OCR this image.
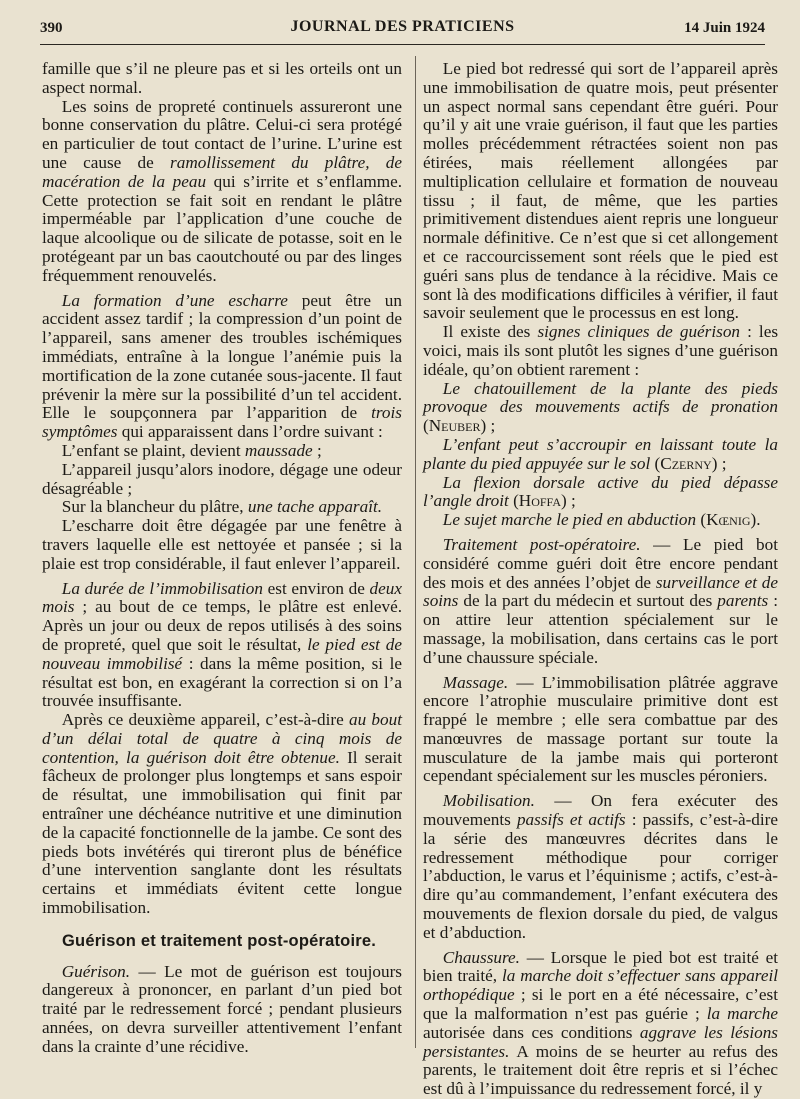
390	JOURNAL DES PRATICIENS	14 Juin 1924

famille que s’il ne pleure pas et si les orteils ont un aspect normal.

Les soins de propreté continuels assureront une bonne conservation du plâtre. Celui-ci sera protégé en particulier de tout contact de l’urine. L’urine est une cause de ramollissement du plâtre, de macération de la peau qui s’irrite et s’enflamme. Cette protection se fait soit en rendant le plâtre imperméable par l’application d’une couche de laque alcoolique ou de silicate de potasse, soit en le protégeant par un bas caoutchouté ou par des linges fréquemment renouvelés.

La formation d’une escharre peut être un accident assez tardif ; la compression d’un point de l’appareil, sans amener des troubles ischémiques immédiats, entraîne à la longue l’anémie puis la mortification de la zone cutanée sous-jacente. Il faut prévenir la mère sur la possibilité d’un tel accident. Elle le soupçonnera par l’apparition de trois symptômes qui apparaissent dans l’ordre suivant :

L’enfant se plaint, devient maussade ;

L’appareil jusqu’alors inodore, dégage une odeur désagréable ;

Sur la blancheur du plâtre, une tache apparaît.

L’escharre doit être dégagée par une fenêtre à travers laquelle elle est nettoyée et pansée ; si la plaie est trop considérable, il faut enlever l’appareil.

La durée de l’immobilisation est environ de deux mois ; au bout de ce temps, le plâtre est enlevé. Après un jour ou deux de repos utilisés à des soins de propreté, quel que soit le résultat, le pied est de nouveau immobilisé : dans la même position, si le résultat est bon, en exagérant la correction si on l’a trouvée insuffisante.

Après ce deuxième appareil, c’est-à-dire au bout d’un délai total de quatre à cinq mois de contention, la guérison doit être obtenue. Il serait fâcheux de prolonger plus longtemps et sans espoir de résultat, une immobilisation qui finit par entraîner une déchéance nutritive et une diminution de la capacité fonctionnelle de la jambe. Ce sont des pieds bots invétérés qui tireront plus de bénéfice d’une intervention sanglante dont les résultats certains et immédiats évitent cette longue immobilisation.

Guérison et traitement post-opératoire.

Guérison. — Le mot de guérison est toujours dangereux à prononcer, en parlant d’un pied bot traité par le redressement forcé ; pendant plusieurs années, on devra surveiller attentivement l’enfant dans la crainte d’une récidive.

Le pied bot redressé qui sort de l’appareil après une immobilisation de quatre mois, peut présenter un aspect normal sans cependant être guéri. Pour qu’il y ait une vraie guérison, il faut que les parties molles précédemment rétractées soient non pas étirées, mais réellement allongées par multiplication cellulaire et formation de nouveau tissu ; il faut, de même, que les parties primitivement distendues aient repris une longueur normale définitive. Ce n’est que si cet allongement et ce raccourcissement sont réels que le pied est guéri sans plus de tendance à la récidive. Mais ce sont là des modifications difficiles à vérifier, il faut savoir seulement que le processus en est long.

Il existe des signes cliniques de guérison : les voici, mais ils sont plutôt les signes d’une guérison idéale, qu’on obtient rarement :

Le chatouillement de la plante des pieds provoque des mouvements actifs de pronation (Neuber) ;

L’enfant peut s’accroupir en laissant toute la plante du pied appuyée sur le sol (Czerny) ;

La flexion dorsale active du pied dépasse l’angle droit (Hoffa) ;

Le sujet marche le pied en abduction (Kœnig).

Traitement post-opératoire. — Le pied bot considéré comme guéri doit être encore pendant des mois et des années l’objet de surveillance et de soins de la part du médecin et surtout des parents : on attire leur attention spécialement sur le massage, la mobilisation, dans certains cas le port d’une chaussure spéciale.

Massage. — L’immobilisation plâtrée aggrave encore l’atrophie musculaire primitive dont est frappé le membre ; elle sera combattue par des manœuvres de massage portant sur toute la musculature de la jambe mais qui porteront cependant spécialement sur les muscles péroniers.

Mobilisation. — On fera exécuter des mouvements passifs et actifs : passifs, c’est-à-dire la série des manœuvres décrites dans le redressement méthodique pour corriger l’abduction, le varus et l’équinisme ; actifs, c’est-à-dire qu’au commandement, l’enfant exécutera des mouvements de flexion dorsale du pied, de valgus et d’abduction.

Chaussure. — Lorsque le pied bot est traité et bien traité, la marche doit s’effectuer sans appareil orthopédique ; si le port en a été nécessaire, c’est que la malformation n’est pas guérie ; la marche autorisée dans ces conditions aggrave les lésions persistantes. A moins de se heurter au refus des parents, le traitement doit être repris et si l’échec est dû à l’impuissance du redressement forcé, il y
